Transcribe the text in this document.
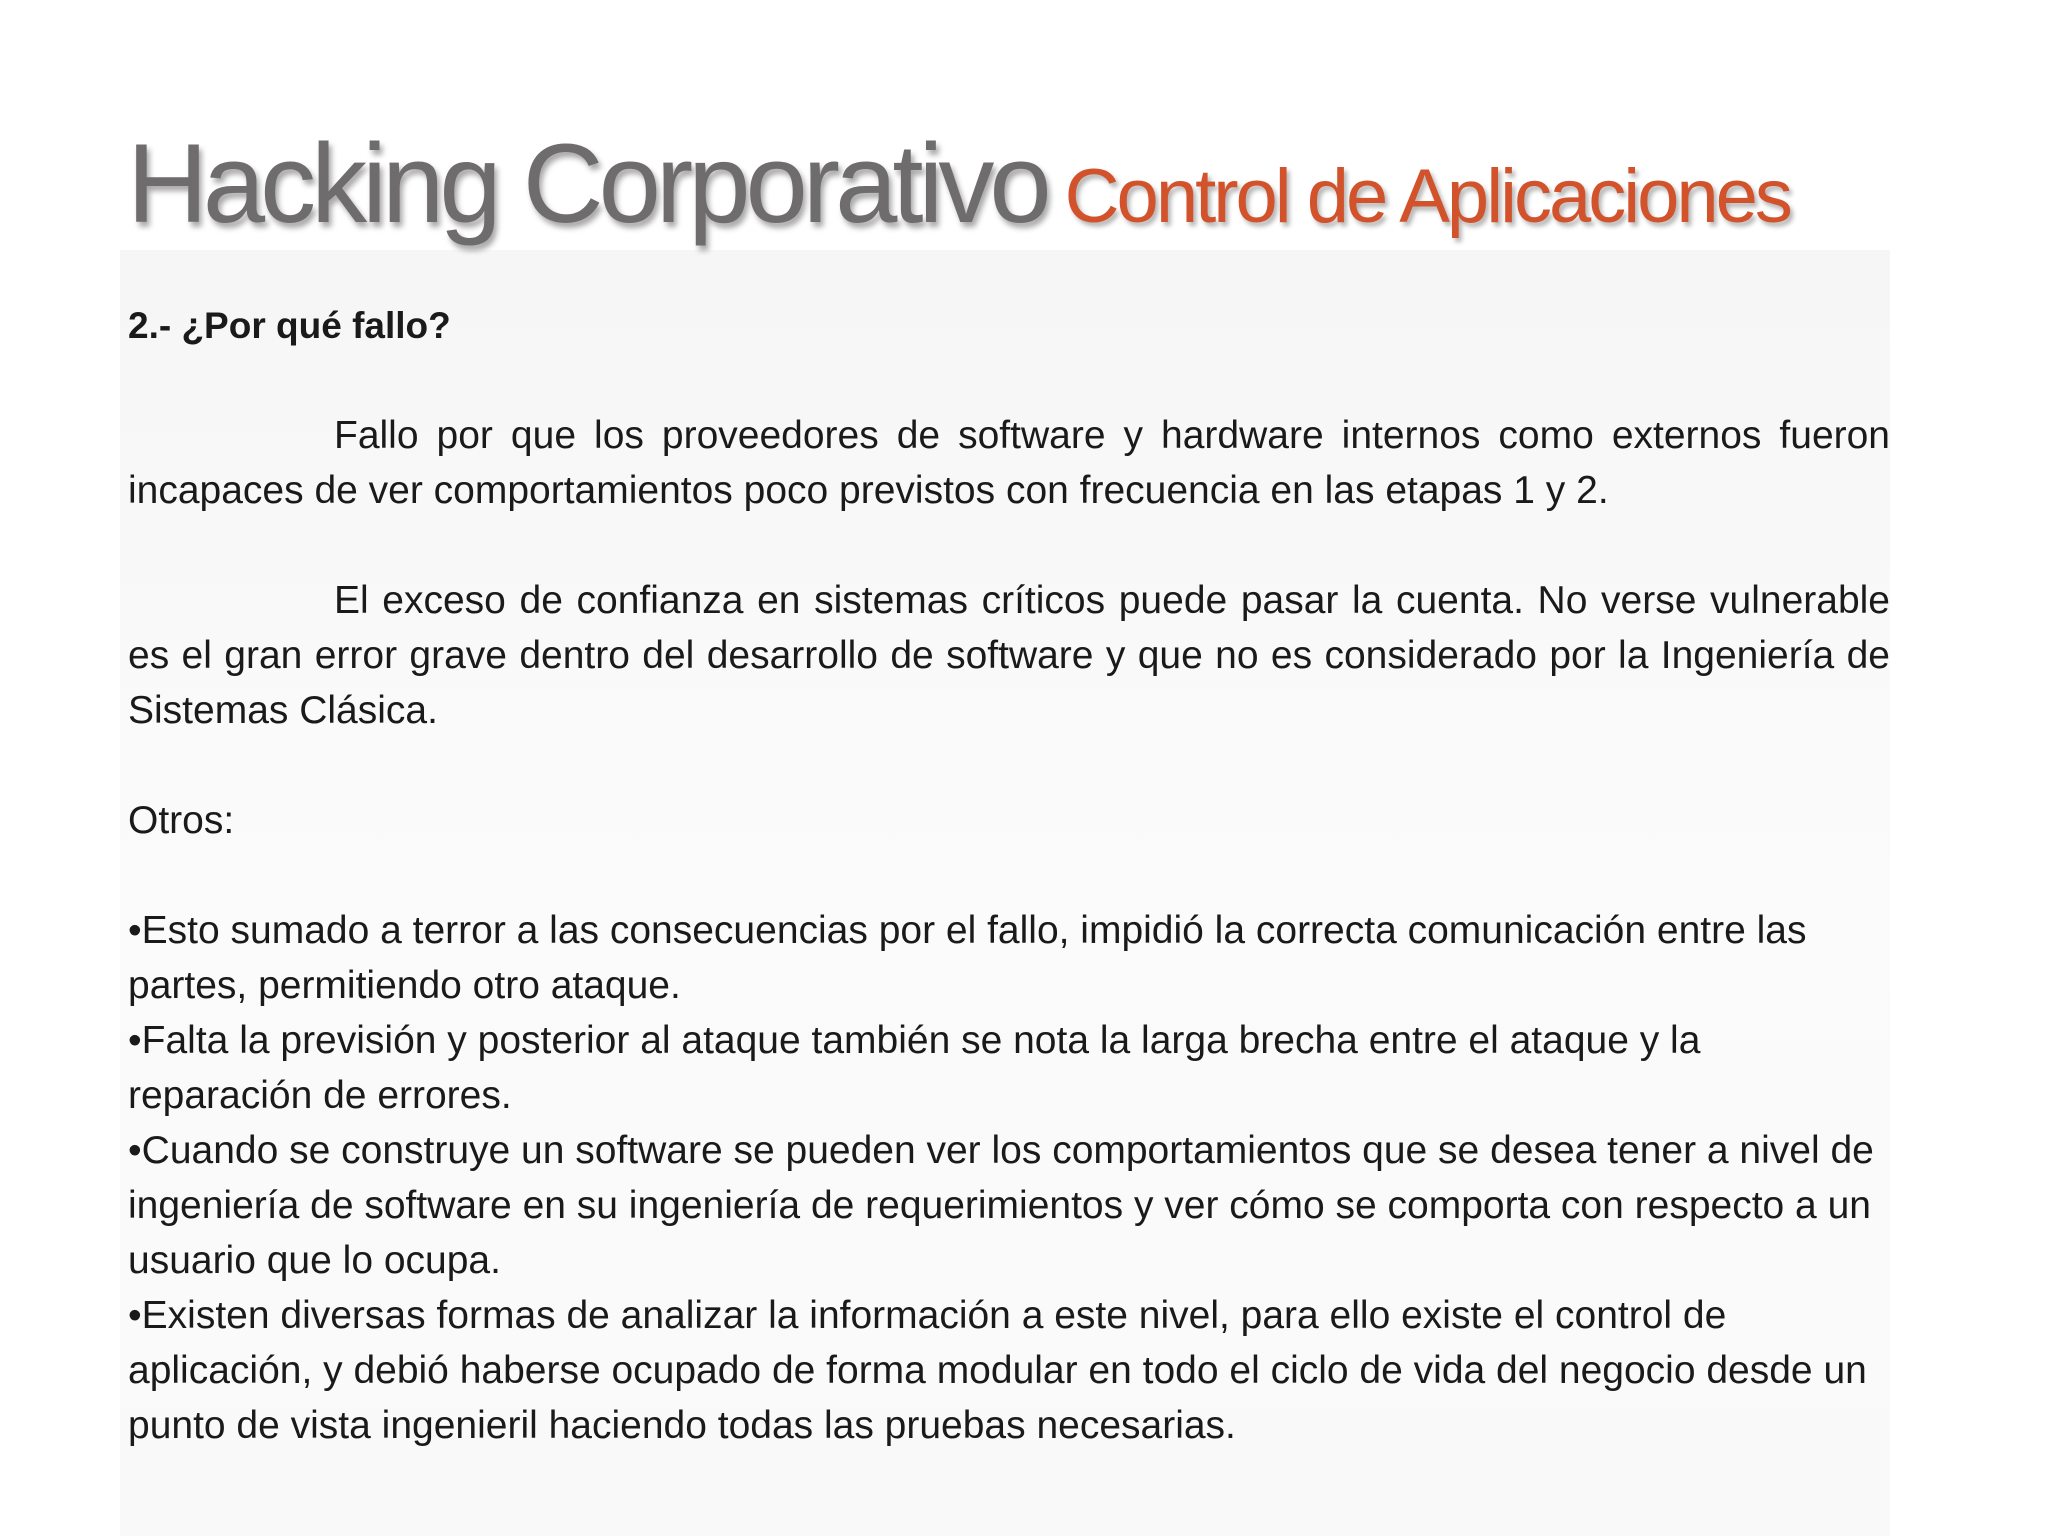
Hacking Corporativo Control de Aplicaciones

2.- ¿Por qué fallo?

Fallo por que los proveedores de software y hardware internos como externos fueron incapaces de ver comportamientos poco previstos con frecuencia en las etapas 1 y 2.

El exceso de confianza en sistemas críticos puede pasar la cuenta. No verse vulnerable es el gran error grave dentro del desarrollo de software y que no es considerado por la Ingeniería de Sistemas Clásica.

Otros:

•Esto sumado a terror a las consecuencias por el fallo, impidió la correcta comunicación entre las partes, permitiendo otro ataque.

•Falta la previsión y posterior al ataque también se nota la larga brecha entre el ataque y la reparación de errores.

•Cuando se construye un software se pueden ver los comportamientos que se desea tener a nivel de ingeniería de software en su ingeniería de requerimientos y ver cómo se comporta con respecto a un usuario que lo ocupa.

•Existen diversas formas de analizar la información a este nivel, para ello existe el control de aplicación, y debió haberse ocupado de forma modular en todo el ciclo de vida del negocio desde un punto de vista ingenieril haciendo todas las pruebas necesarias.
